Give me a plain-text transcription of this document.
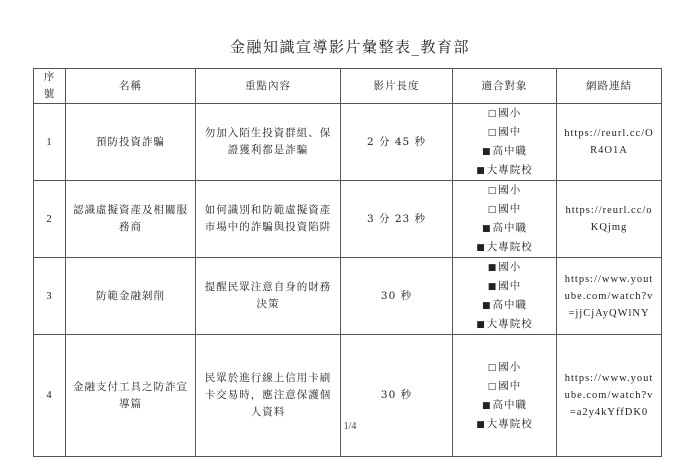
金融知識宣導影片彙整表_教育部
序號	名稱	重點內容	影片長度	適合對象	網路連結
1	預防投資詐騙	勿加入陌生投資群組、保證獲利都是詐騙	2 分 45 秒	□國小
□國中
■高中職
■大專院校	https://reurl.cc/OR4O1A
2	認識虛擬資產及相關服務商	如何識別和防範虛擬資產市場中的詐騙與投資陷阱	3 分 23 秒	□國小
□國中
■高中職
■大專院校	https://reurl.cc/oKQjmg
3	防範金融剝削	提醒民眾注意自身的財務決策	30 秒	■國小
■國中
■高中職
■大專院校	https://www.youtube.com/watch?v=jjCjAyQWlNY
4	金融支付工具之防詐宣導篇	民眾於進行線上信用卡刷卡交易時，應注意保護個人資料	30 秒	□國小
□國中
■高中職
■大專院校	https://www.youtube.com/watch?v=a2y4kYffDK0
1/4
